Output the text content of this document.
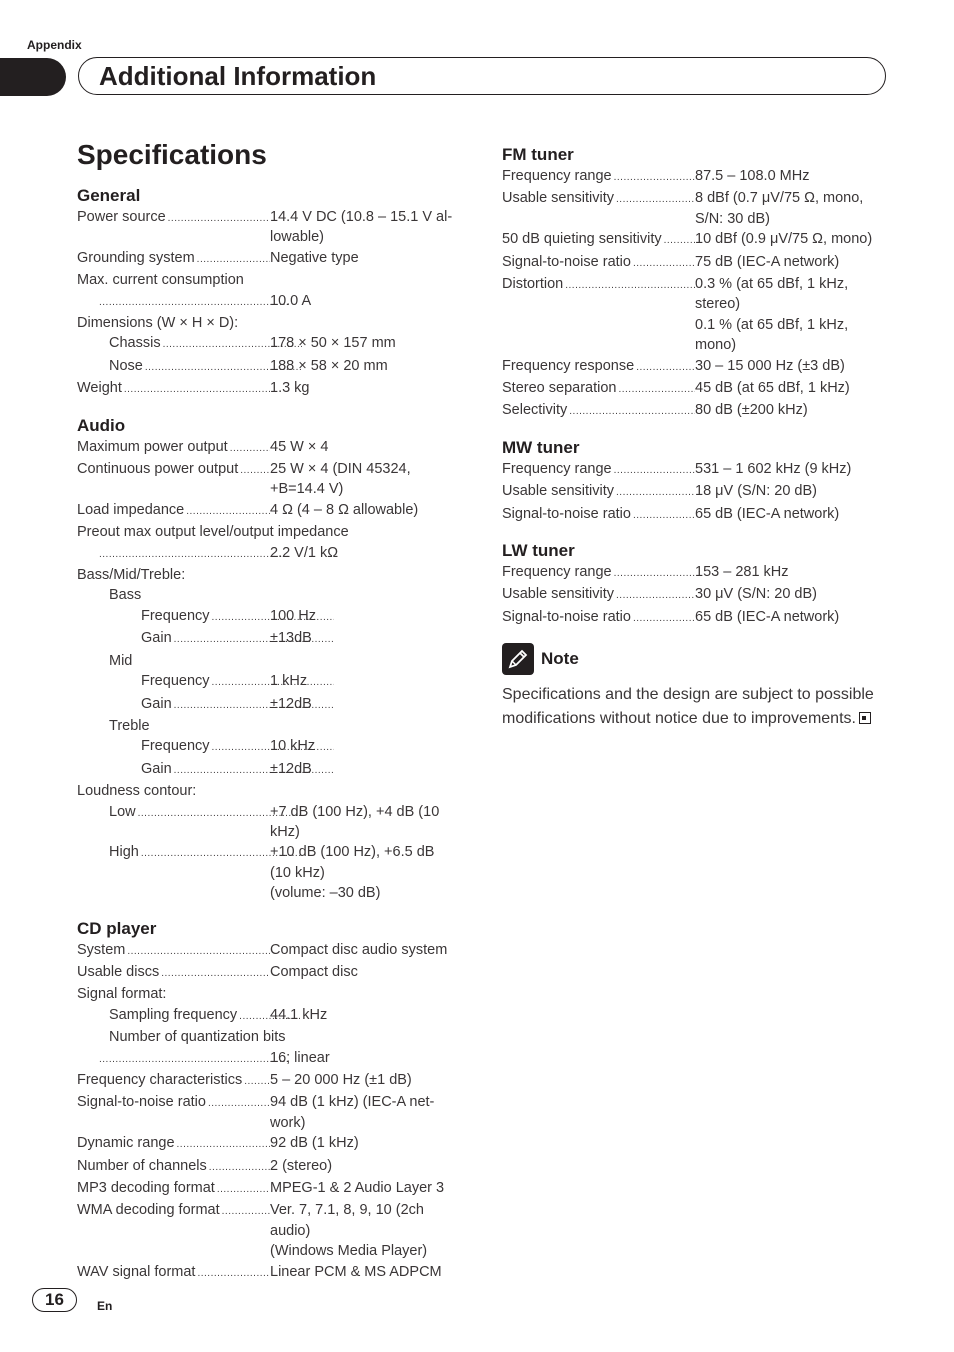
Appendix
Additional Information
Specifications
General
Power source .....	14.4 V DC (10.8 – 15.1 V al-
lowable)
Grounding system .....	Negative type
Max. current consumption
.....
10.0 A
Dimensions (W × H × D):
Chassis .....	178 × 50 × 157 mm
Nose .....	188 × 58 × 20 mm
Weight .....	1.3 kg
Audio
Maximum power output .....	45 W × 4
Continuous power output ..... 25 W × 4 (DIN 45324,
+B=14.4 V)
Load impedance .....	4 Ω (4 – 8 Ω allowable)
Preout max output level/output impedance
.....
2.2 V/1 kΩ
Bass/Mid/Treble:
Bass
Frequency .....	100 Hz
Gain .....	±13dB
Mid
Frequency .....	1 kHz
Gain .....	±12dB
Treble
Frequency .....	10 kHz
Gain .....	±12dB
Loudness contour:
Low .....	+7 dB (100 Hz), +4 dB (10
kHz)
High .....	+10 dB (100 Hz), +6.5 dB
(10 kHz)
(volume: –30 dB)
CD player
System .....	Compact disc audio system
Usable discs .....	Compact disc
Signal format:
Sampling frequency ..... 44.1 kHz
Number of quantization bits
.....
16; linear
Frequency characteristics ..... 5 – 20 000 Hz (±1 dB)
Signal-to-noise ratio .....	94 dB (1 kHz) (IEC-A net-
work)
Dynamic range .....	92 dB (1 kHz)
Number of channels .....	2 (stereo)
MP3 decoding format .....	MPEG-1 & 2 Audio Layer 3
WMA decoding format .....	Ver. 7, 7.1, 8, 9, 10 (2ch
audio)
(Windows Media Player)
WAV signal format .....	Linear PCM & MS ADPCM
FM tuner
Frequency range .....	87.5 – 108.0 MHz
Usable sensitivity .....	8 dBf (0.7 μV/75 Ω, mono,
S/N: 30 dB)
50 dB quieting sensitivity ..... 10 dBf (0.9 μV/75 Ω, mono)
Signal-to-noise ratio .....	75 dB (IEC-A network)
Distortion .....	0.3 % (at 65 dBf, 1 kHz,
stereo)
0.1 % (at 65 dBf, 1 kHz,
mono)
Frequency response .....	30 – 15 000 Hz (±3 dB)
Stereo separation .....	45 dB (at 65 dBf, 1 kHz)
Selectivity .....	80 dB (±200 kHz)
MW tuner
Frequency range .....	531 – 1 602 kHz (9 kHz)
Usable sensitivity .....	18 μV (S/N: 20 dB)
Signal-to-noise ratio .....	65 dB (IEC-A network)
LW tuner
Frequency range .....	153 – 281 kHz
Usable sensitivity .....	30 μV (S/N: 20 dB)
Signal-to-noise ratio .....	65 dB (IEC-A network)
Note
Specifications and the design are subject to possible modifications without notice due to improvements.
16	En
